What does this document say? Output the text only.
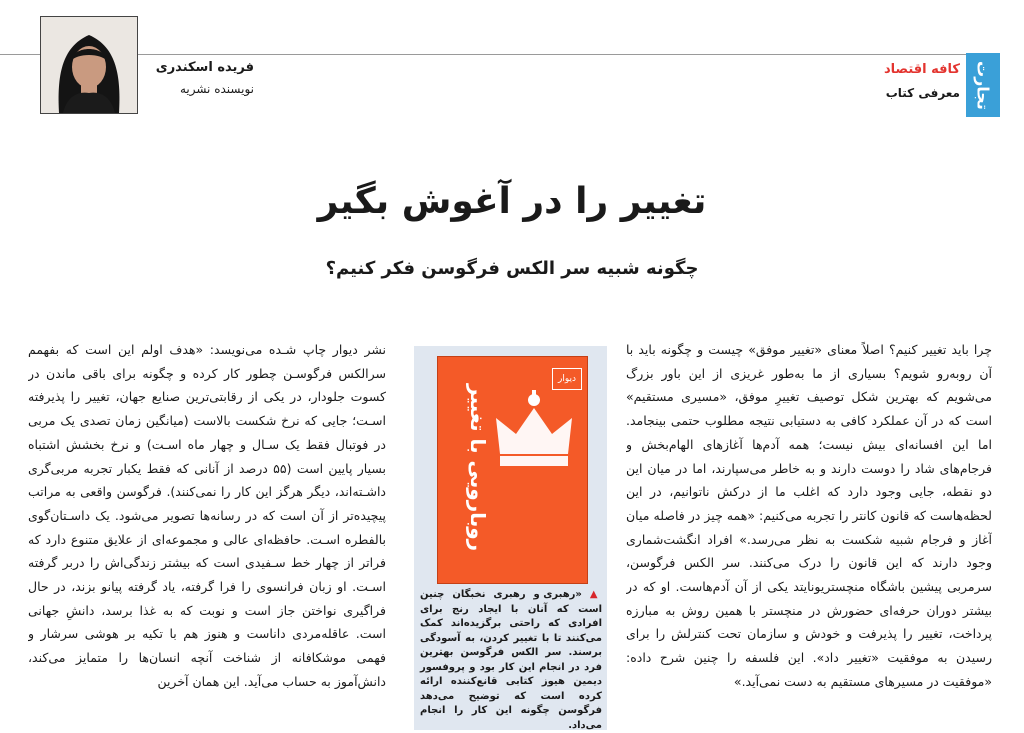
فریده اسکندری
نویسنده نشریه	تجارت
کافه اقتصاد
معرفی کتاب
تغییر را در آغوش بگیر
چگونه شبیه سر الکس فرگوسن فکر کنیم؟

چرا باید تغییر کنیم؟ اصلاً معنای «تغییر موفق» چیست و چگونه باید با آن روبه‌رو شویم؟ بسیاری از ما به‌طور غریزی از این باور بزرگ می‌شویم که بهترین شکل توصیف تغییرِ موفق، «مسیری مستقیم» است که در آن عملکرد کافی به دستیابی نتیجه مطلوب حتمی بینجامد. اما این افسانه‌ای بیش نیست؛ همه آدم‌ها آغازهای الهام‌بخش و فرجام‌های شاد را دوست دارند و به خاطر می‌سپارند، اما در میان این دو نقطه، جایی وجود دارد که اغلب ما از درکش ناتوانیم، در این لحظه‌هاست که قانون کانتر را تجربه می‌کنیم: «همه چیز در فاصله میان آغاز و فرجام شبیه شکست به نظر می‌رسد.» افراد انگشت‌شماری وجود دارند که این قانون را درک می‌کنند. سر الکس فرگوسن، سرمربی پیشین باشگاه منچستریونایتد یکی از آن آدم‌هاست. او که در بیشتر دوران حرفه‌ای حضورش در منچستر با همین روش به مبارزه پرداخت، تغییر را پذیرفت و خودش و سازمان تحت کنترلش را برای رسیدن به موفقیت «تغییر داد». این فلسفه را چنین شرح داده: «موفقیت در مسیرهای مستقیم به دست نمی‌آید.»

نشر دیوار چاپ شـده می‌نویسد: «هدف اولم این است که بفهمم سرالکس فرگوسـن چطور کار کرده و چگونه برای باقی ماندن در کسوت جلودار، در یکی از رقابتی‌ترین صنایع جهان، تغییر را پذیرفته اسـت؛ جایی که نرخ شکست بالاست (میانگین زمان تصدی یک مربی در فوتبال فقط یک سـال و چهار ماه اسـت) و نرخ بخشش اشتباه بسیار پایین است (۵۵ درصد از آنانی که فقط یکبار تجربه مربی‌گری داشـته‌اند، دیگر هرگز این کار را نمی‌کنند). فرگوسن واقعی به مراتب پیچیده‌تر از آن است که در رسانه‌ها تصویر می‌شود. یک داسـتان‌گوی بالفطره اسـت. حافظه‌ای عالی و مجموعه‌ای از علایق متنوع دارد که فراتر از چهار خط سـفیدی است که بیشتر زندگی‌اش را دربر گرفته اسـت. او زبان فرانسوی را فرا گرفته، یاد گرفته پیانو بزند، در حال فراگیری نواختن جاز است و نوبت که به غذا برسد، دانشِ جهانی است. عاقله‌مردی داناست و هنوز هم با تکیه بر هوشی سرشار و فهمی موشکافانه از شناخت آنچه انسان‌ها را متمایز می‌کند، دانش‌آموز به حساب می‌آید. این همان آخرین

دیوار
روبارویی با تغییر
▲ «رهبری و رهبری نخبگان چنین است که آنان با ایجاد رنج برای افرادی که راحتی برگزیده‌اند کمک می‌کنند تا با تغییر کردن، به آسودگی برسند. سر الکس فرگوسن بهترین فرد در انجام این کار بود و پروفسور دیمین هیوز کتابی قانع‌کننده ارائه کرده است که توضیح می‌دهد فرگوسن چگونه این کار را انجام می‌داد.
